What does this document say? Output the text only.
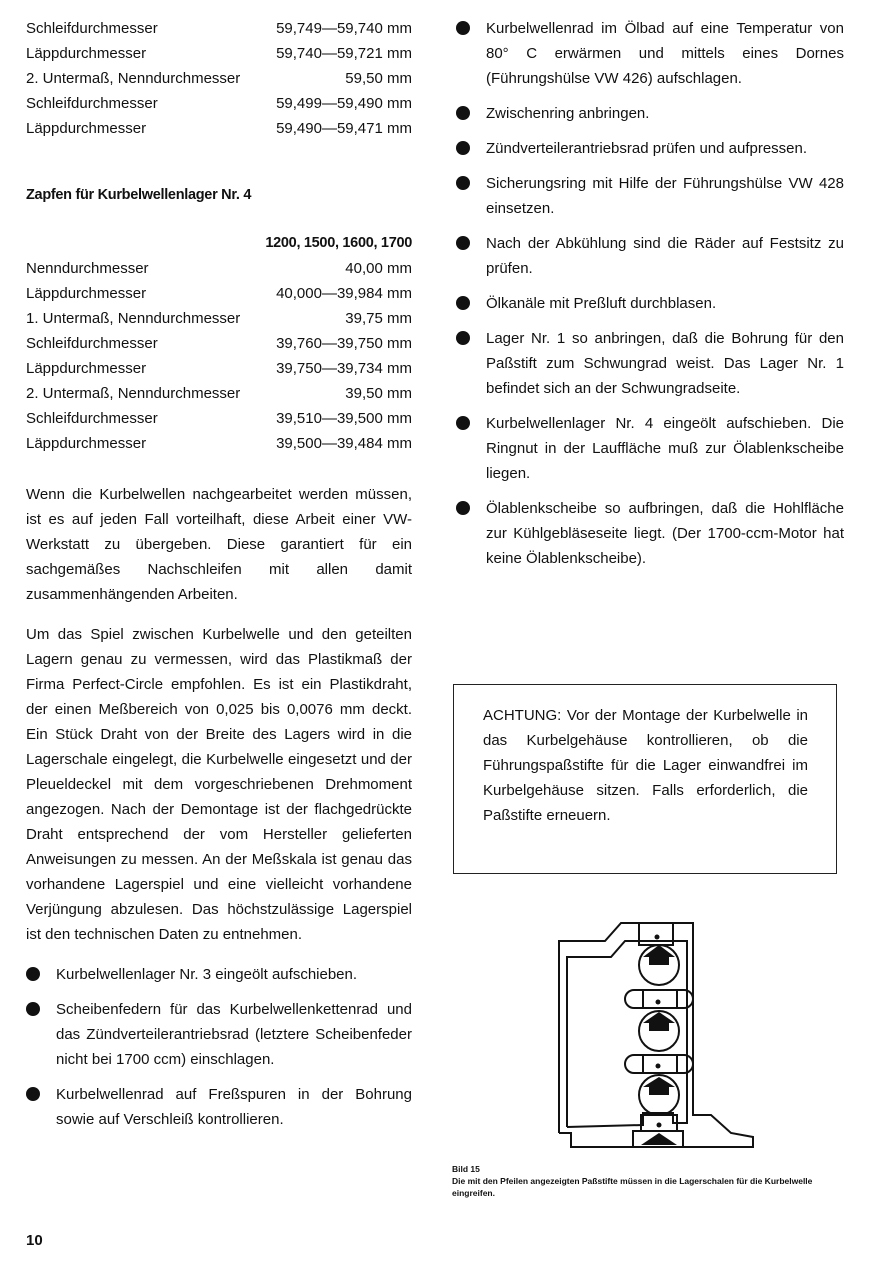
Schleifdurchmesser	59,749—59,740 mm
Läppdurchmesser	59,740—59,721 mm
2. Untermaß, Nenndurchmesser	59,50 mm
Schleifdurchmesser	59,499—59,490 mm
Läppdurchmesser	59,490—59,471 mm
Zapfen für Kurbelwellenlager Nr. 4
1200, 1500, 1600, 1700
Nenndurchmesser	40,00 mm
Läppdurchmesser	40,000—39,984 mm
1. Untermaß, Nenndurchmesser	39,75 mm
Schleifdurchmesser	39,760—39,750 mm
Läppdurchmesser	39,750—39,734 mm
2. Untermaß, Nenndurchmesser	39,50 mm
Schleifdurchmesser	39,510—39,500 mm
Läppdurchmesser	39,500—39,484 mm

Wenn die Kurbelwellen nachgearbeitet werden müssen, ist es auf jeden Fall vorteilhaft, diese Arbeit einer VW-Werkstatt zu übergeben. Diese garantiert für ein sachgemäßes Nachschleifen mit allen damit zusammenhängenden Arbeiten.

Um das Spiel zwischen Kurbelwelle und den geteilten Lagern genau zu vermessen, wird das Plastikmaß der Firma Perfect-Circle empfohlen. Es ist ein Plastikdraht, der einen Meßbereich von 0,025 bis 0,0076 mm deckt. Ein Stück Draht von der Breite des Lagers wird in die Lagerschale eingelegt, die Kurbelwelle eingesetzt und der Pleueldeckel mit dem vorgeschriebenen Drehmoment angezogen. Nach der Demontage ist der flachgedrückte Draht entsprechend der vom Hersteller gelieferten Anweisungen zu messen. An der Meßskala ist genau das vorhandene Lagerspiel und eine vielleicht vorhandene Verjüngung abzulesen. Das höchstzulässige Lagerspiel ist den technischen Daten zu entnehmen.

Kurbelwellenlager Nr. 3 eingeölt aufschieben.
Scheibenfedern für das Kurbelwellenkettenrad und das Zündverteilerantriebsrad (letztere Scheibenfeder nicht bei 1700 ccm) einschlagen.
Kurbelwellenrad auf Freßspuren in der Bohrung sowie auf Verschleiß kontrollieren.
Kurbelwellenrad im Ölbad auf eine Temperatur von 80° C erwärmen und mittels eines Dornes (Führungshülse VW 426) aufschlagen.
Zwischenring anbringen.
Zündverteilerantriebsrad prüfen und aufpressen.
Sicherungsring mit Hilfe der Führungshülse VW 428 einsetzen.
Nach der Abkühlung sind die Räder auf Festsitz zu prüfen.
Ölkanäle mit Preßluft durchblasen.
Lager Nr. 1 so anbringen, daß die Bohrung für den Paßstift zum Schwungrad weist. Das Lager Nr. 1 befindet sich an der Schwungradseite.
Kurbelwellenlager Nr. 4 eingeölt aufschieben. Die Ringnut in der Lauffläche muß zur Ölablenkscheibe liegen.
Ölablenkscheibe so aufbringen, daß die Hohlfläche zur Kühlgebläseseite liegt. (Der 1700-ccm-Motor hat keine Ölablenkscheibe).
ACHTUNG: Vor der Montage der Kurbelwelle in das Kurbelgehäuse kontrollieren, ob die Führungspaßstifte für die Lager einwandfrei im Kurbelgehäuse sitzen. Falls erforderlich, die Paßstifte erneuern.
Bild 15
Die mit den Pfeilen angezeigten Paßstifte müssen in die Lagerschalen für die Kurbelwelle eingreifen.
10
